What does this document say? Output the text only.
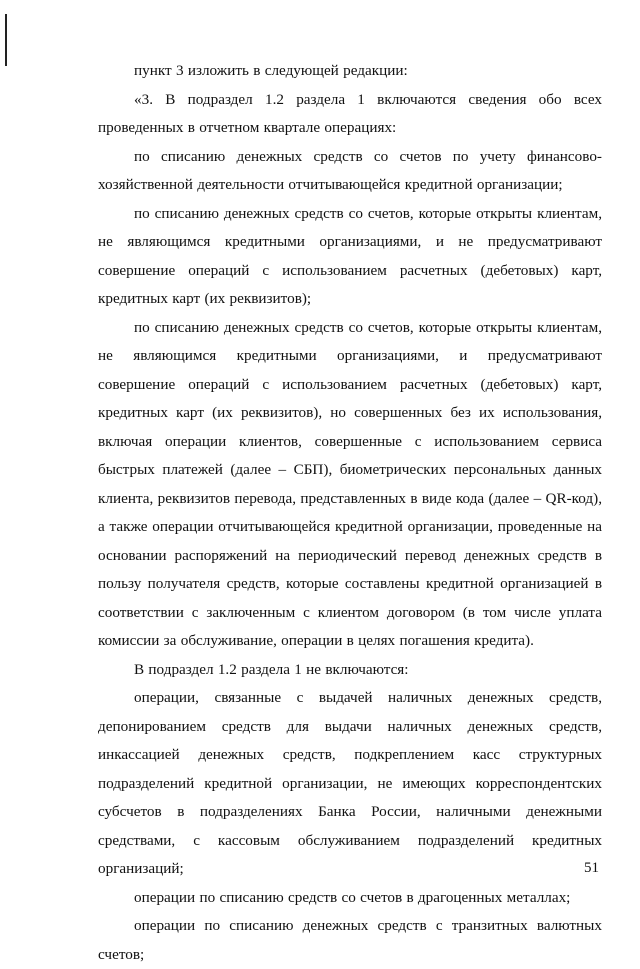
пункт 3 изложить в следующей редакции:

«3. В подраздел 1.2 раздела 1 включаются сведения обо всех проведенных в отчетном квартале операциях:

по списанию денежных средств со счетов по учету финансово-хозяйственной деятельности отчитывающейся кредитной организации;

по списанию денежных средств со счетов, которые открыты клиентам, не являющимся кредитными организациями, и не предусматривают совершение операций с использованием расчетных (дебетовых) карт, кредитных карт (их реквизитов);

по списанию денежных средств со счетов, которые открыты клиентам, не являющимся кредитными организациями, и предусматривают совершение операций с использованием расчетных (дебетовых) карт, кредитных карт (их реквизитов), но совершенных без их использования, включая операции клиентов, совершенные с использованием сервиса быстрых платежей (далее – СБП), биометрических персональных данных клиента, реквизитов перевода, представленных в виде кода (далее – QR-код), а также операции отчитывающейся кредитной организации, проведенные на основании распоряжений на периодический перевод денежных средств в пользу получателя средств, которые составлены кредитной организацией в соответствии с заключенным с клиентом договором (в том числе уплата комиссии за обслуживание, операции в целях погашения кредита).

В подраздел 1.2 раздела 1 не включаются:

операции, связанные с выдачей наличных денежных средств, депонированием средств для выдачи наличных денежных средств, инкассацией денежных средств, подкреплением касс структурных подразделений кредитной организации, не имеющих корреспондентских субсчетов в подразделениях Банка России, наличными денежными средствами, с кассовым обслуживанием подразделений кредитных организаций;

операции по списанию средств со счетов в драгоценных металлах;

операции по списанию денежных средств с транзитных валютных счетов;

51
